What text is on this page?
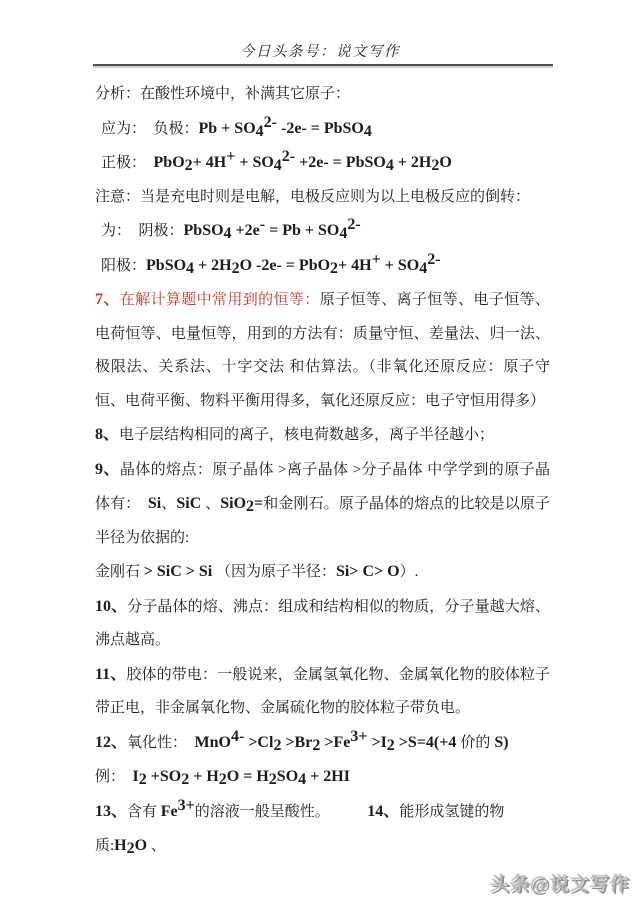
今日头条号：说文写作

分析：在酸性环境中，补满其它原子：

应为：　负极：$Pb + SO_4^{2-}$ -2e- = PbSO$_4$

正极：　$PbO_2+ 4H^+ + SO_4^{2-} +2e-$ = PbSO$_4$ + $2H_2O$

注意：当是充电时则是电解，电极反应则为以上电极反应的倒转：

为：　阴极：PbSO$_4$ $+2e^- = Pb + SO_4^{2-}$

阳极：PbSO$_4$ + $2H_2O$ $-2e- = PbO_2+ 4H^+ + SO_4^{2-}$

7、在解计算题中常用到的恒等：原子恒等、离子恒等、电子恒等、电荷恒等、电量恒等，用到的方法有：质量守恒、差量法、归一法、极限法、关系法、十字交法 和估算法。（非氧化还原反应：原子守恒、电荷平衡、物料平衡用得多，氧化还原反应：电子守恒用得多）

8、电子层结构相同的离子，核电荷数越多，离子半径越小；

9、晶体的熔点：原子晶体 >离子晶体 >分子晶体 中学学到的原子晶体有：　Si、SiC 、SiO$_2$=和金刚石。原子晶体的熔点的比较是以原子半径为依据的:

金刚石 > SiC > Si （因为原子半径：Si> C> O）.

10、分子晶体的熔、沸点：组成和结构相似的物质，分子量越大熔、沸点越高。

11、胶体的带电：一般说来，金属氢氧化物、金属氧化物的胶体粒子带正电，非金属氧化物、金属硫化物的胶体粒子带负电。

12、氧化性：　$MnO^{4-} >Cl_2 >Br_2 >Fe^{3+} >I_2 >S=4(+4$ 价的 S)

例：　$I_2 +SO_2 + H_2O = H_2SO_4 + 2HI$

13、含有 $Fe^{3+}$的溶液一般呈酸性。　　　14、能形成氢键的物质$:H_2O$ 、

头条@说文写作
